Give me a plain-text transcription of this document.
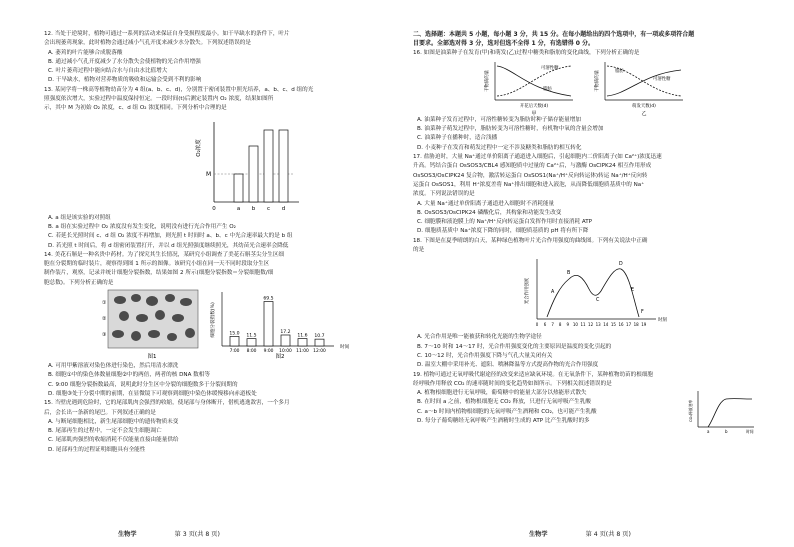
12. 当处于逆境时，植物可通过一系列的活动来保证自身受损程度最小。如干旱缺水的条件下，叶片
会出现萎蔫现象，此时植物会通过减小气孔开度来减少水分散失。下列叙述错误的是
A. 萎蔫的叶片能够合成脱落酸
B. 通过减小气孔开度减少了水分散失会使植物的光合作用增强
C. 叶片萎蔫过程中能向结合水与自由水比值增大
D. 干旱缺水，植物对营养物质的吸收和运输会受到不利的影响
13. 某同学将一株高等植物幼苗分为 4 组(a、b、c、d)，分别置于密闭装置中照光培养，a、b、c、d 组的光
照强度依次增大，实验过程中温度保持恒定。一段时间(t)后测定装置内 O₂ 浓度，结果如图所
示，其中 M 为初始 O₂ 浓度，c、d 组 O₂ 浓度相同。下列分析中合理的是
O₂浓度
M
0	a b c d
A. a 组是该实验的对照组
B. a 组在实验过程中 O₂ 浓度没有发生变化，说明没有进行光合作用产生 O₂
C. 若延长光照时间 c、d 组 O₂ 浓度不再增加，则光照 t 时间时 a、b、c 中光合速率最大的是 b 组
D. 若光照 t 时间后，将 d 组密闭装置打开，并以 d 组光照强度继续照光，其幼苗光合速率会降低
14. 美花石斛是一种名贵中药材。为了探究其生长情况，某研究小组调查了美花石斛茎尖分生区细
胞在分裂期的临时装片，观察得到图 1 所示的图像。该研究小组在同一天不同时段取分生区
制作装片，观察，记录并统计细胞分裂指数，结果如图 2 所示(细胞分裂指数＝分裂细胞数/细
胞总数)。下列分析正确的是
①
②
③
图1
细胞分裂指数(%)
时间
15.0
7:00
11.5
8:00
69.5
9:00
17.2
10:00
11.6
11:00
10.7
12:00
图2
A. 可用甲紫溶液对染色体进行染色，然后用清水漂洗
B. 细胞①中的染色体数量细胞②中的两倍，两者的核 DNA 数相等
C. 9:00 细胞分裂指数最高，说明此时分生区中分裂的细胞数多于分裂间期的
D. 细胞③处于分裂中期的前期，在显微镜下可观察到细胞中染色体缓慢移向赤道板处
15. 当壁虎遇到危险时，它的尾部肌肉会强烈的收缩，使尾部与身体断开，借机逃逸敌害，一个多月
后，会长出一条新的尾巴。下列叙述正确的是
A. 与断尾细胞相比，新生尾部细胞中的遗传物质未变
B. 尾部再生的过程中，一定不会发生细胞凋亡
C. 尾部肌肉强烈的收缩消耗不仅能量直接由能量供给
D. 尾部再生的过程证明细胞具有全能性
生物学	第 3 页(共 8 页)
二、选择题：本题共 5 小题，每小题 3 分，共 15 分。在每小题给出的四个选项中，有一项或多项符合题
目要求。全部选对得 3 分，选对但选不全得 1 分，有选错得 0 分。
16. 如图是油菜种子在发育(甲)和萌发(乙)过程中糖类和脂肪的变化曲线，下列分析正确的是
干物质的量
可溶性糖
脂肪
开花后天数(d)
甲
干物质的量	脂肪
可溶性糖
萌发天数(d)
乙
A. 油菜种子发育过程中，可溶性糖转变为脂肪时种子储存能量增加
B. 油菜种子萌发过程中，脂肪转变为可溶性糖时，有机物中氧的含量会增加
C. 油菜种子在播种时，适合浅播
D. 小麦种子在发育和萌发过程中一定不涉及糖类和脂肪的相互转化
17. 盐胁迫时，大量 Na⁺通过单价阳离子通道进入细胞后，引起细胞内二价阳离子(如 Ca²⁺)浓度迅速
升高。钙结合蛋白 OsSOS3/CBL4 感知胞质中过量的 Ca²⁺后，与激酶 OsCIPK24 相互作用形成
OsSOS3/OsCIPK24 复合物，激活转运蛋白 OsSOS1(Na⁺/H⁺反向转运体)转运 Na⁺/H⁺反向转
运蛋白 OsSOS1，利用 H⁺浓度差将 Na⁺排出细胞和进入液泡，从而降低细胞质基质中的 Na⁺
浓度。下列说法错误的是
A. 大量 Na⁺通过单价阳离子通道进入细胞时不消耗能量
B. OsSOS3/OsCIPK24 磷酸化后，其构象和功能发生改变
C. 细胞膜和液泡膜上的 Na⁺/H⁺反向转运蛋白发挥作用时直接消耗 ATP
D. 细胞质基质中 Na⁺浓度下降的同时，细胞质基质的 pH 将有所下降
18. 下图是在夏季晴朗的白天，某种绿色植物叶片光合作用强度的曲线图。下列有关说法中正确
的是
光合作用强度
时刻
A
B
C
D
E
F
0 6 7 8 9 10 11 12 13 14 15 16 17 18 19
A. 光合作用是唯一能被获和转化光能的生物学途径
B. 7～10 时和 14～17 时，光合作用强度变化的主要原因是温度的变化引起的
C. 10～12 时，光合作用强度下降与气孔大量关闭有关
D. 温室大棚中采用补光、遮阳、喷淋降温等方式提高作物的光合作用强度
19. 植物可通过无氧呼吸代谢途径的改变来适应缺氧环境。在无氧条件下，某种植物幼苗的根细胞
经呼吸作用释放 CO₂ 的速率随时间的变化趋势如图所示。下列相关叙述错误的是
A. 植物根细胞进行无氧呼吸，葡萄糖中的能量大部分以热能形式散失
B. 在时间 a 之前，植物根细胞无 CO₂ 释放，只进行无氧呼吸产生乳酸
C. a～b 时间内植物根细胞的无氧呼吸产生酒精和 CO₂，也可能产生乳酸
D. 每分子葡萄糖经无氧呼吸产生酒精时生成的 ATP 比产生乳酸时的多	CO₂释放速率
时间
a	b
生物学	第 4 页(共 8 页)
